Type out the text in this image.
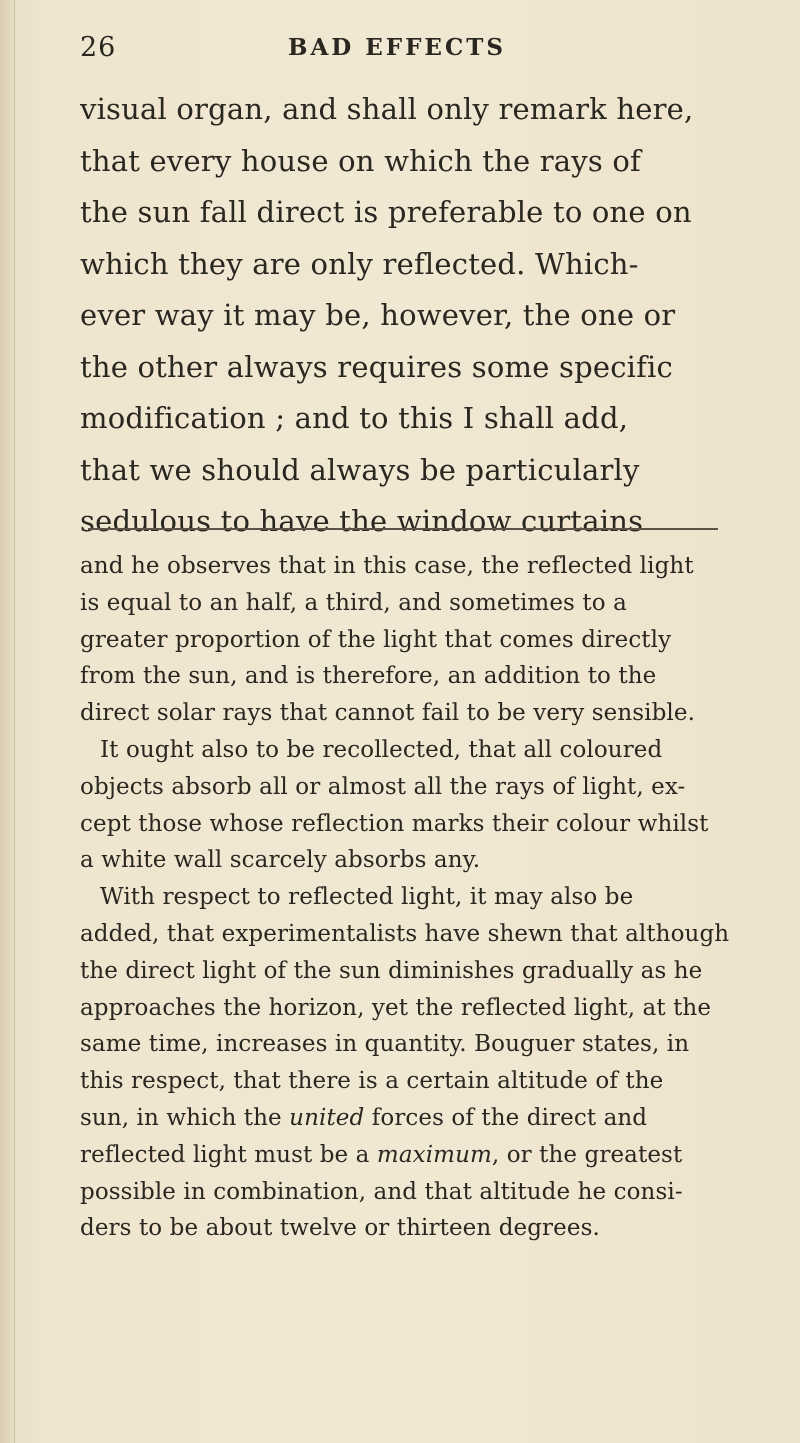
26	BAD EFFECTS
visual organ, and shall only remark here,
that every house on which the rays of
the sun fall direct is preferable to one on
which they are only reflected. Which-
ever way it may be, however, the one or
the other always requires some specific
modification ; and to this I shall add,
that we should always be particularly
sedulous to have the window curtains
and he observes that in this case, the reflected light
is equal to an half, a third, and sometimes to a
greater proportion of the light that comes directly
from the sun, and is therefore, an addition to the
direct solar rays that cannot fail to be very sensible.
It ought also to be recollected, that all coloured
objects absorb all or almost all the rays of light, ex-
cept those whose reflection marks their colour whilst
a white wall scarcely absorbs any.
With respect to reflected light, it may also be
added, that experimentalists have shewn that although
the direct light of the sun diminishes gradually as he
approaches the horizon, yet the reflected light, at the
same time, increases in quantity. Bouguer states, in
this respect, that there is a certain altitude of the
sun, in which the united forces of the direct and
reflected light must be a maximum, or the greatest
possible in combination, and that altitude he consi-
ders to be about twelve or thirteen degrees.
